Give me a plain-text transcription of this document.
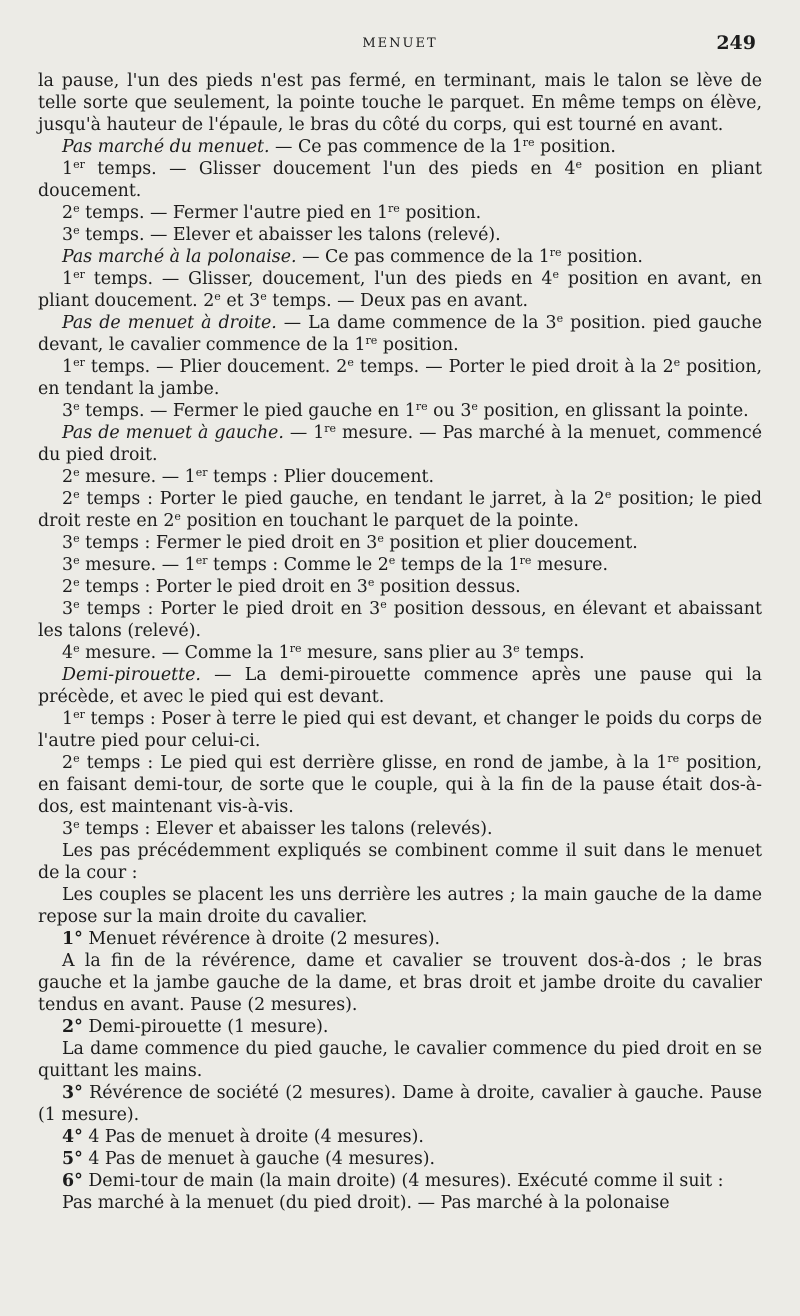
MENUET	249

la pause, l'un des pieds n'est pas fermé, en terminant, mais le talon se lève de telle sorte que seulement, la pointe touche le parquet. En même temps on élève, jusqu'à hauteur de l'épaule, le bras du côté du corps, qui est tourné en avant.

Pas marché du menuet. — Ce pas commence de la 1re position.

1er temps. — Glisser doucement l'un des pieds en 4e position en pliant doucement.

2e temps. — Fermer l'autre pied en 1re position.

3e temps. — Elever et abaisser les talons (relevé).

Pas marché à la polonaise. — Ce pas commence de la 1re position.

1er temps. — Glisser, doucement, l'un des pieds en 4e position en avant, en pliant doucement. 2e et 3e temps. — Deux pas en avant.

Pas de menuet à droite. — La dame commence de la 3e position. pied gauche devant, le cavalier commence de la 1re position.

1er temps. — Plier doucement. 2e temps. — Porter le pied droit à la 2e position, en tendant la jambe.

3e temps. — Fermer le pied gauche en 1re ou 3e position, en glissant la pointe.

Pas de menuet à gauche. — 1re mesure. — Pas marché à la menuet, commencé du pied droit.

2e mesure. — 1er temps : Plier doucement.

2e temps : Porter le pied gauche, en tendant le jarret, à la 2e position; le pied droit reste en 2e position en touchant le parquet de la pointe.

3e temps : Fermer le pied droit en 3e position et plier doucement.

3e mesure. — 1er temps : Comme le 2e temps de la 1re mesure.

2e temps : Porter le pied droit en 3e position dessus.

3e temps : Porter le pied droit en 3e position dessous, en élevant et abaissant les talons (relevé).

4e mesure. — Comme la 1re mesure, sans plier au 3e temps.

Demi-pirouette. — La demi-pirouette commence après une pause qui la précède, et avec le pied qui est devant.

1er temps : Poser à terre le pied qui est devant, et changer le poids du corps de l'autre pied pour celui-ci.

2e temps : Le pied qui est derrière glisse, en rond de jambe, à la 1re position, en faisant demi-tour, de sorte que le couple, qui à la fin de la pause était dos-à-dos, est maintenant vis-à-vis.

3e temps : Elever et abaisser les talons (relevés).

Les pas précédemment expliqués se combinent comme il suit dans le menuet de la cour :

Les couples se placent les uns derrière les autres ; la main gauche de la dame repose sur la main droite du cavalier.

1° Menuet révérence à droite (2 mesures).

A la fin de la révérence, dame et cavalier se trouvent dos-à-dos ; le bras gauche et la jambe gauche de la dame, et bras droit et jambe droite du cavalier tendus en avant. Pause (2 mesures).

2° Demi-pirouette (1 mesure).

La dame commence du pied gauche, le cavalier commence du pied droit en se quittant les mains.

3° Révérence de société (2 mesures). Dame à droite, cavalier à gauche. Pause (1 mesure).

4° 4 Pas de menuet à droite (4 mesures).

5° 4 Pas de menuet à gauche (4 mesures).

6° Demi-tour de main (la main droite) (4 mesures). Exécuté comme il suit :

Pas marché à la menuet (du pied droit). — Pas marché à la polonaise
